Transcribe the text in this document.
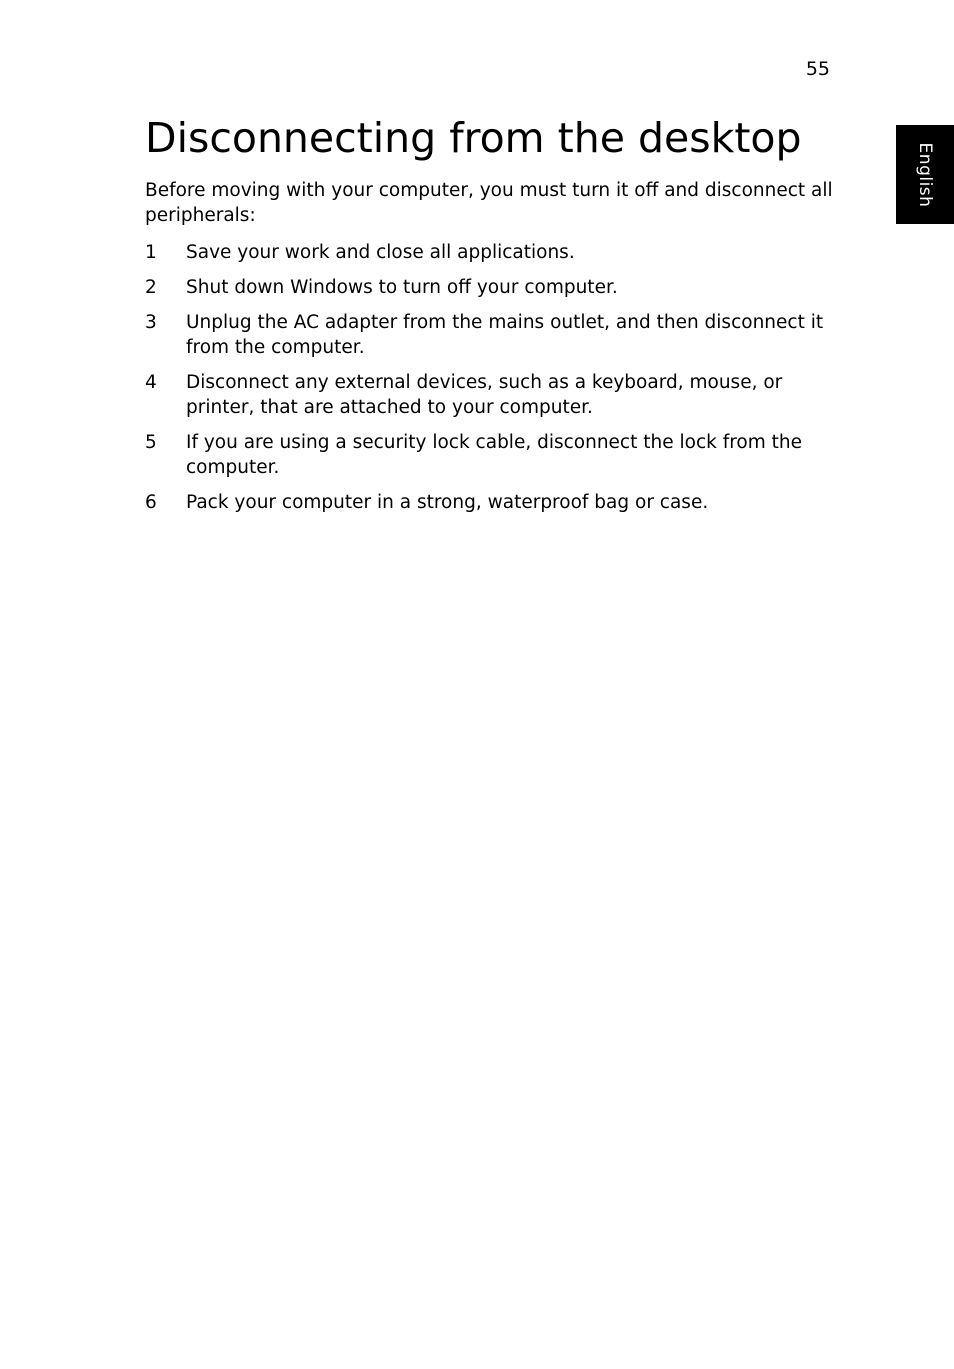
55
English
Disconnecting from the desktop

Before moving with your computer, you must turn it off and disconnect all peripherals:

1	Save your work and close all applications.
2	Shut down Windows to turn off your computer.
3	Unplug the AC adapter from the mains outlet, and then disconnect it from the computer.
4	Disconnect any external devices, such as a keyboard, mouse, or printer, that are attached to your computer.
5	If you are using a security lock cable, disconnect the lock from the computer.
6	Pack your computer in a strong, waterproof bag or case.
